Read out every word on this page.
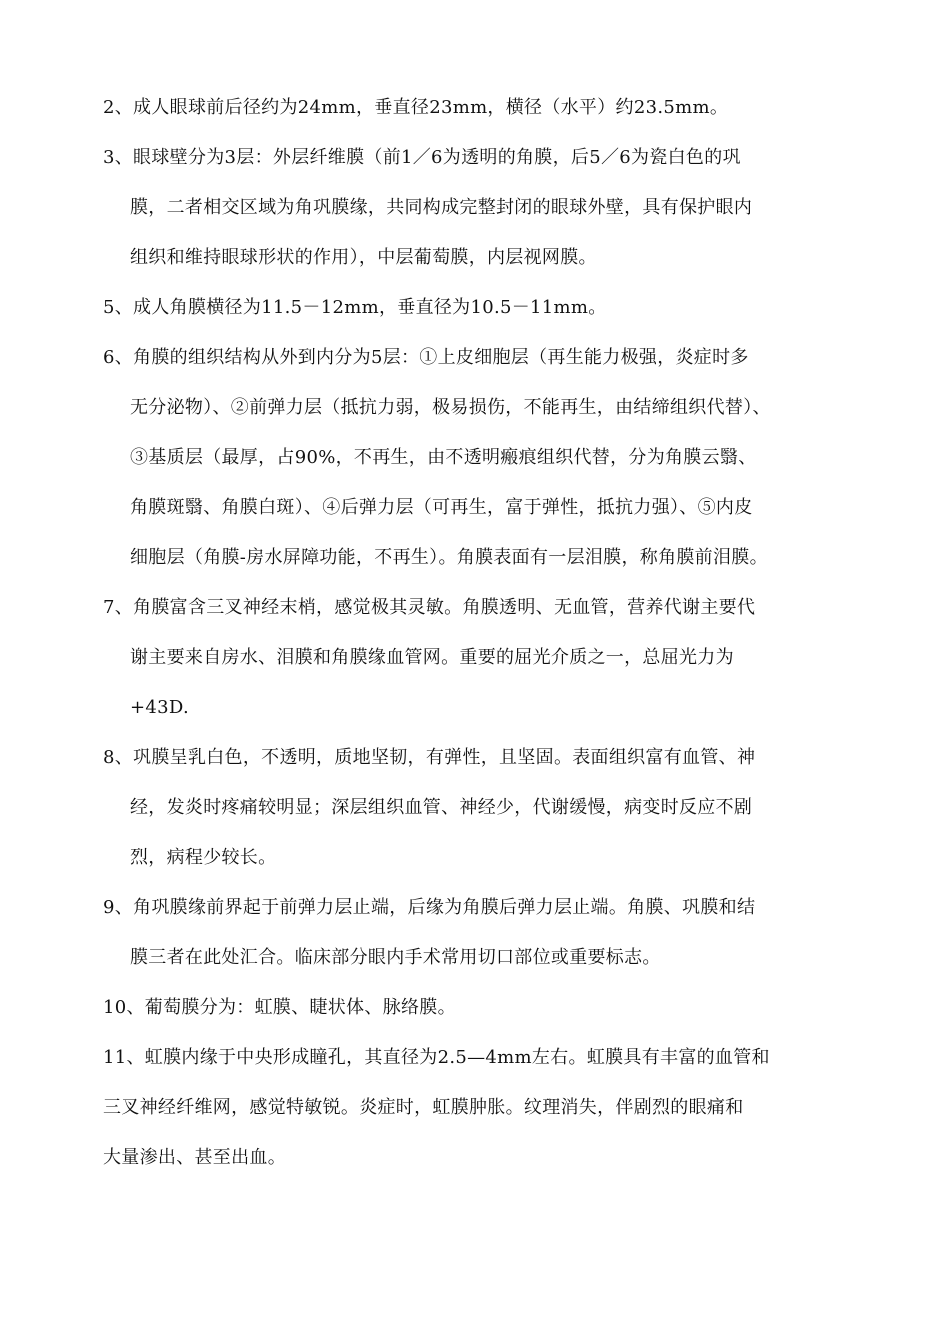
2、成人眼球前后径约为24mm，垂直径23mm，横径（水平）约23.5mm。
3、眼球壁分为3层：外层纤维膜（前1／6为透明的角膜，后5／6为瓷白色的巩
膜，二者相交区域为角巩膜缘，共同构成完整封闭的眼球外壁，具有保护眼内
组织和维持眼球形状的作用），中层葡萄膜，内层视网膜。
5、成人角膜横径为11.5－12mm，垂直径为10.5－11mm。
6、角膜的组织结构从外到内分为5层：①上皮细胞层（再生能力极强，炎症时多
无分泌物）、②前弹力层（抵抗力弱，极易损伤，不能再生，由结缔组织代替）、
③基质层（最厚，占90%，不再生，由不透明瘢痕组织代替，分为角膜云翳、
角膜斑翳、角膜白斑）、④后弹力层（可再生，富于弹性，抵抗力强）、⑤内皮
细胞层（角膜-房水屏障功能，不再生）。角膜表面有一层泪膜，称角膜前泪膜。
7、角膜富含三叉神经末梢，感觉极其灵敏。角膜透明、无血管，营养代谢主要代
谢主要来自房水、泪膜和角膜缘血管网。重要的屈光介质之一，总屈光力为
+43D.
8、巩膜呈乳白色，不透明，质地坚韧，有弹性，且坚固。表面组织富有血管、神
经，发炎时疼痛较明显；深层组织血管、神经少，代谢缓慢，病变时反应不剧
烈，病程少较长。
9、角巩膜缘前界起于前弹力层止端，后缘为角膜后弹力层止端。角膜、巩膜和结
膜三者在此处汇合。临床部分眼内手术常用切口部位或重要标志。
10、葡萄膜分为：虹膜、睫状体、脉络膜。
11、虹膜内缘于中央形成瞳孔，其直径为2.5—4mm左右。虹膜具有丰富的血管和
三叉神经纤维网，感觉特敏锐。炎症时，虹膜肿胀。纹理消失，伴剧烈的眼痛和
大量渗出、甚至出血。
